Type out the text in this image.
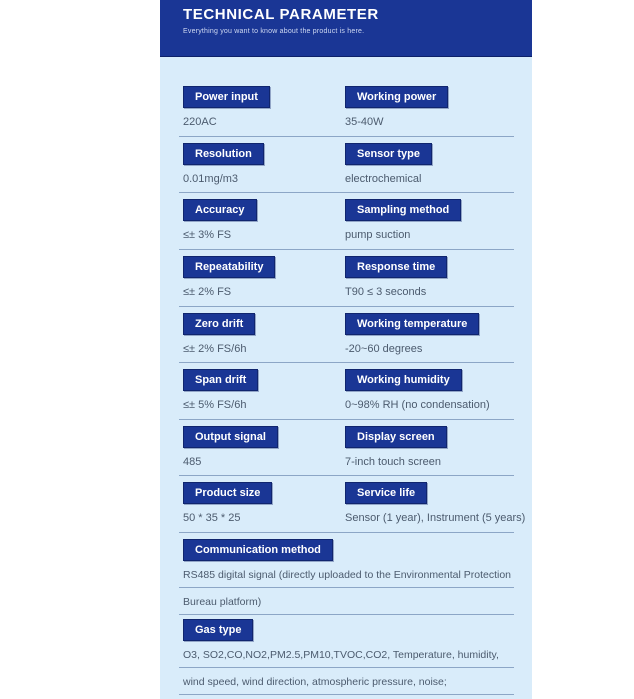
TECHNICAL PARAMETER
Everything you want to know about the product is here.
Power input
220AC
Working power
35-40W
Resolution
0.01mg/m3
Sensor type
electrochemical
Accuracy
≤± 3% FS
Sampling method
pump suction
Repeatability
≤± 2% FS
Response time
T90 ≤ 3 seconds
Zero drift
≤± 2% FS/6h
Working temperature
-20~60 degrees
Span drift
≤± 5% FS/6h
Working humidity
0~98% RH (no condensation)
Output signal
485
Display screen
7-inch touch screen
Product size
50 * 35 * 25
Service life
Sensor (1 year), Instrument (5 years)
Communication method
RS485 digital signal (directly uploaded to the Environmental Protection
Bureau platform)
Gas type
O3, SO2,CO,NO2,PM2.5,PM10,TVOC,CO2, Temperature, humidity,
wind speed, wind direction, atmospheric pressure, noise;
